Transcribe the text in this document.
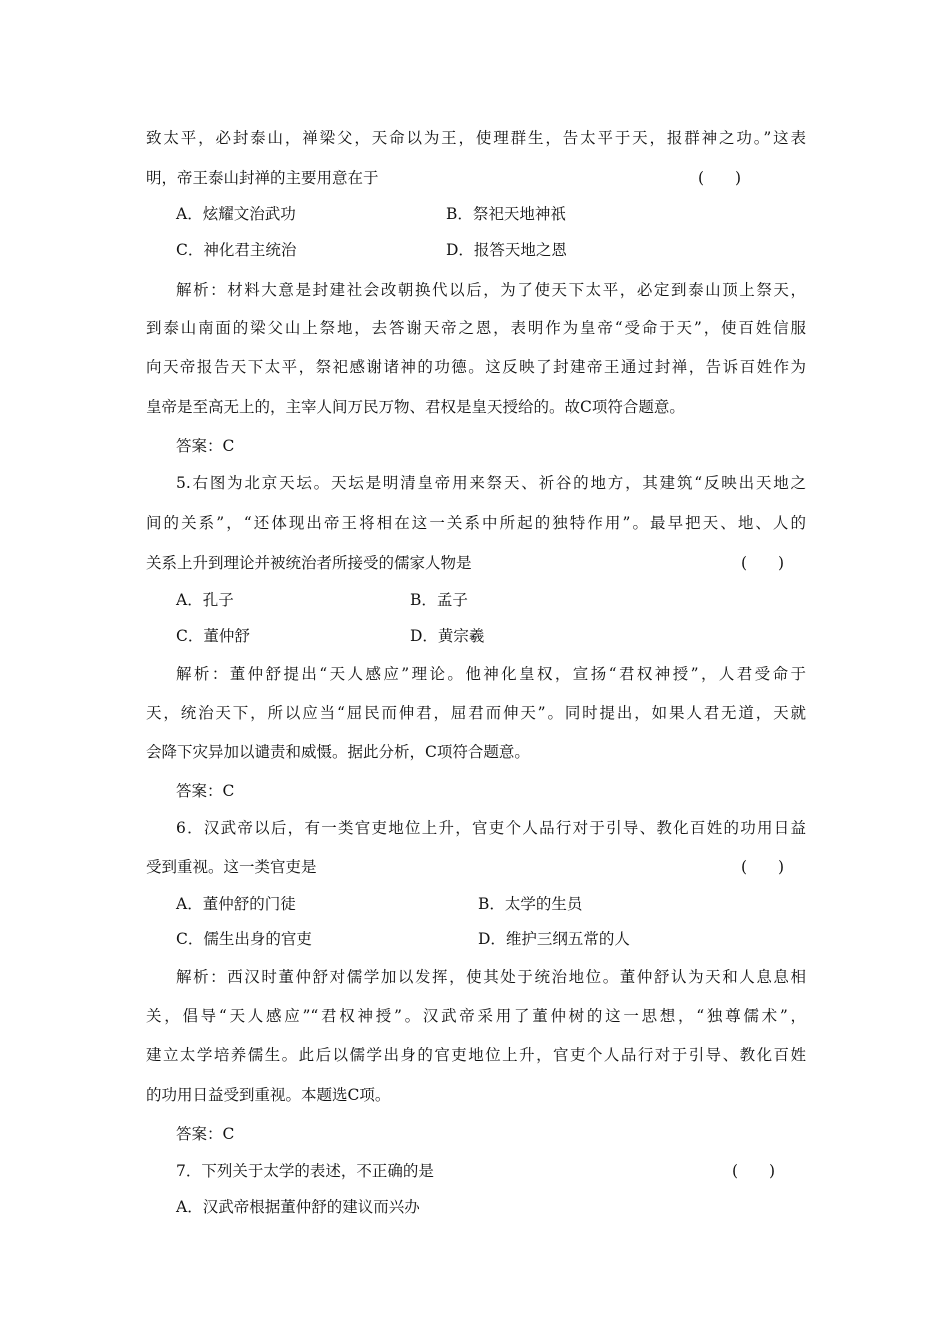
致太平，必封泰山，禅梁父，天命以为王，使理群生，告太平于天，报群神之功。”这表
明，帝王泰山封禅的主要用意在于	(　　)
A．炫耀文治武功	B．祭祀天地神祇
C．神化君主统治	D．报答天地之恩
解析：材料大意是封建社会改朝换代以后，为了使天下太平，必定到泰山顶上祭天，
到泰山南面的梁父山上祭地，去答谢天帝之恩，表明作为皇帝“受命于天”，使百姓信服
向天帝报告天下太平，祭祀感谢诸神的功德。这反映了封建帝王通过封禅，告诉百姓作为
皇帝是至高无上的，主宰人间万民万物、君权是皇天授给的。故C项符合题意。
答案：C
5.右图为北京天坛。天坛是明清皇帝用来祭天、祈谷的地方，其建筑“反映出天地之
间的关系”，“还体现出帝王将相在这一关系中所起的独特作用”。最早把天、地、人的
关系上升到理论并被统治者所接受的儒家人物是	(　　)
A．孔子	B．孟子
C．董仲舒	D．黄宗羲
解析：董仲舒提出“天人感应”理论。他神化皇权，宣扬“君权神授”，人君受命于
天，统治天下，所以应当“屈民而伸君，屈君而伸天”。同时提出，如果人君无道，天就
会降下灾异加以谴责和威慑。据此分析，C项符合题意。
答案：C
6．汉武帝以后，有一类官吏地位上升，官吏个人品行对于引导、教化百姓的功用日益
受到重视。这一类官吏是	(　　)
A．董仲舒的门徒	B．太学的生员
C．儒生出身的官吏	D．维护三纲五常的人
解析：西汉时董仲舒对儒学加以发挥，使其处于统治地位。董仲舒认为天和人息息相
关，倡导“天人感应”“君权神授”。汉武帝采用了董仲树的这一思想，“独尊儒术”，
建立太学培养儒生。此后以儒学出身的官吏地位上升，官吏个人品行对于引导、教化百姓
的功用日益受到重视。本题选C项。
答案：C
7．下列关于太学的表述，不正确的是	(　　)
A．汉武帝根据董仲舒的建议而兴办
